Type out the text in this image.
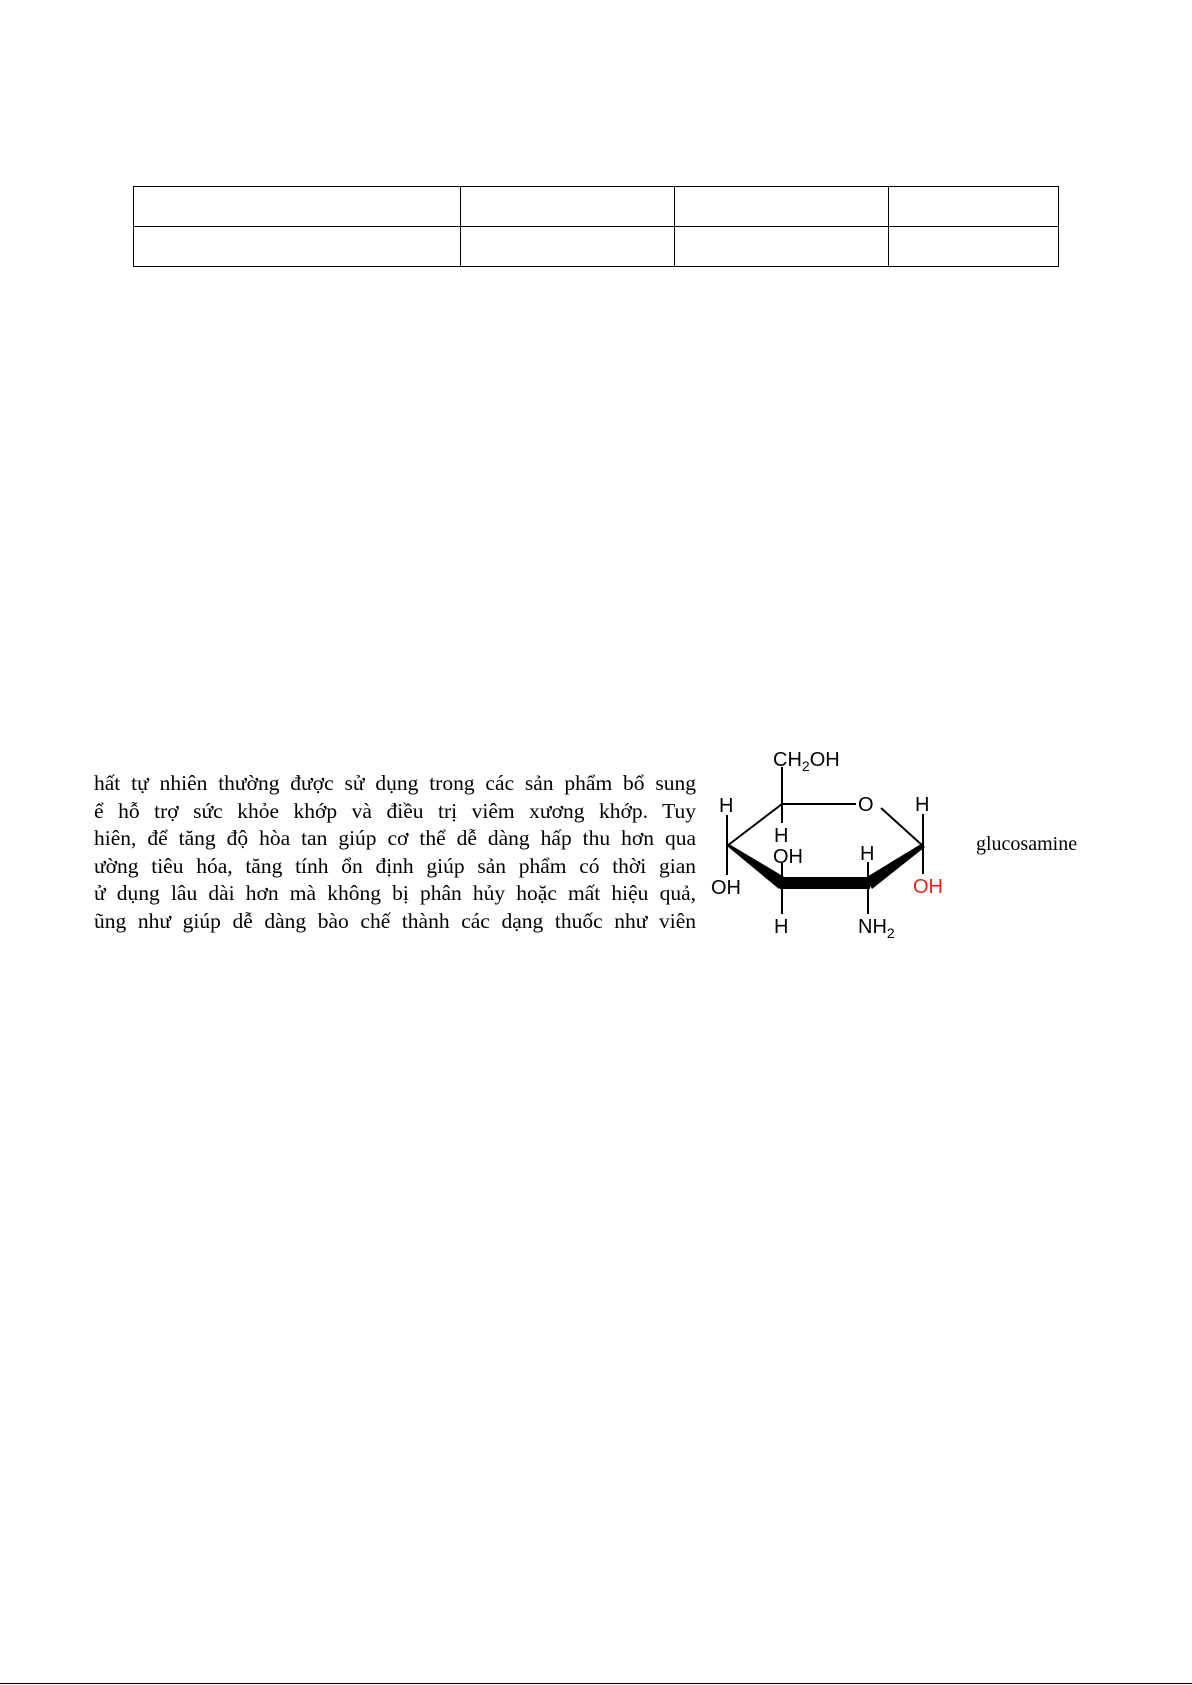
hất tự nhiên thường được sử dụng trong các sản phẩm bổ sung
ể hỗ trợ sức khỏe khớp và điều trị viêm xương khớp. Tuy
hiên, để tăng độ hòa tan giúp cơ thể dễ dàng hấp thu hơn qua
ường tiêu hóa, tăng tính ổn định giúp sản phẩm có thời gian
ử dụng lâu dài hơn mà không bị phân hủy hoặc mất hiệu quả,
ũng như giúp dễ dàng bào chế thành các dạng thuốc như viên
$CH_2OH$
O
H	H
H
OH	H
OH
H	$NH_2$
OH
glucosamine
